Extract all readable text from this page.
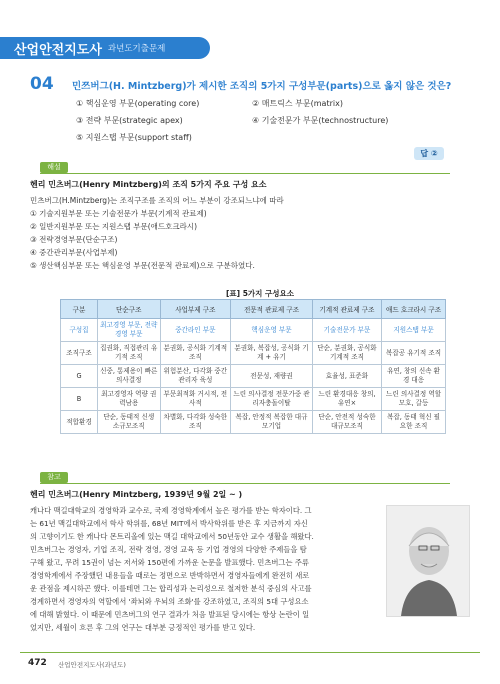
산업안전지도사 과년도기출문제
04 민쯔버그(H. Mintzberg)가 제시한 조직의 5가지 구성부문(parts)으로 옳지 않은 것은?
① 핵심운영 부문(operating core)	② 매트릭스 부문(matrix)
③ 전략 부문(strategic apex)	④ 기술전문가 부문(technostructure)
⑤ 지원스탭 부문(support staff)
답 ②
해설
헨리 민츠버그(Henry Mintzberg)의 조직 5가지 주요 구성 요소
민츠버그(H.Mintzberg)는 조직구조를 조직의 어느 부분이 강조되느냐에 따라
① 기술지원부문 또는 기술전문가 부문(기계적 관료제)
② 일반지원부문 또는 지원스탭 부문(애드호크라시)
③ 전략경영부문(단순구조)
④ 중간관리부문(사업부제)
⑤ 생산핵심부문 또는 핵심운영 부문(전문적 관료제)으로 구분하였다.
[표] 5가지 구성요소
구분	단순구조	사업부제 구조	전문적 관료제 구조	기계적 관료제 구조	애드 호크라시 구조
구성집	최고경영 부문, 전략경영 부문	중간라인 부문	핵심운영 부문	기술전문가 부문	지원스탭 부문
조직구조	집권화, 직접관리 유기적 조직	분권화, 공식화 기계적 조직	분권화, 복잡성, 공식화 기계 + 유기	단순, 분권화, 공식화 기계적 조직	복잡공 유기적 조직
G	신중, 통제용이 빠른 의사결정	위험분산, 다각화 중간관리자 육성	전문성, 재량권	효율성, 표준화	유연, 창의 신속 환경 대응
B	최고경영자 역량 권력남용	부문최적화 거시적, 전사적	느린 의사결정 전문가중 관리자충돌이탈	느린 환경대응 창의, 유연×	느린 의사결정 역할 모호, 갈등
적합환경	단순, 동태적 신생 소규모조직	차별화, 다각화 성숙한 조직	복잡, 안정적 복잡한 대규모기업	단순, 안전적 성숙한 대규모조직	복잡, 동태 혁신 필요한 조직
참고
헨리 민츠버그(Henry Mintzberg, 1939년 9월 2일 ~ )
캐나다 맥길대학교의 경영학과 교수로, 국제 경영학계에서 높은 평가를 받는 학자이다. 그
는 61년 맥길대학교에서 학사 학위를, 68년 MIT에서 박사학위를 받은 후 지금까지 자신
의 고향이기도 한 캐나다 몬트리올에 있는 맥길 대학교에서 50년동안 교수 생활을 해왔다.
민츠버그는 경영자, 기업 조직, 전략 경영, 경영 교육 등 기업 경영의 다양한 주제들을 탐
구해 왔고, 무려 15권이 넘는 저서와 150편에 가까운 논문을 발표했다. 민츠버그는 주류
경영학계에서 주장했던 내용들을 때로는 정면으로 반박하면서 경영자들에게 완전히 새로
운 관점을 제시하곤 했다. 이를테면 그는 합리성과 논리성으로 철저한 분석 중심의 사고를
경계하면서 경영자의 역할에서 '좌뇌와 우뇌의 조화'를 강조하였고, 조직의 5대 구성요소
에 대해 밝혔다. 이 때문에 민츠버그의 연구 결과가 처음 발표된 당시에는 항상 논란이 일
었지만, 세월이 흐른 후 그의 연구는 대부분 긍정적인 평가를 받고 있다.
472 산업안전지도사(과년도)
